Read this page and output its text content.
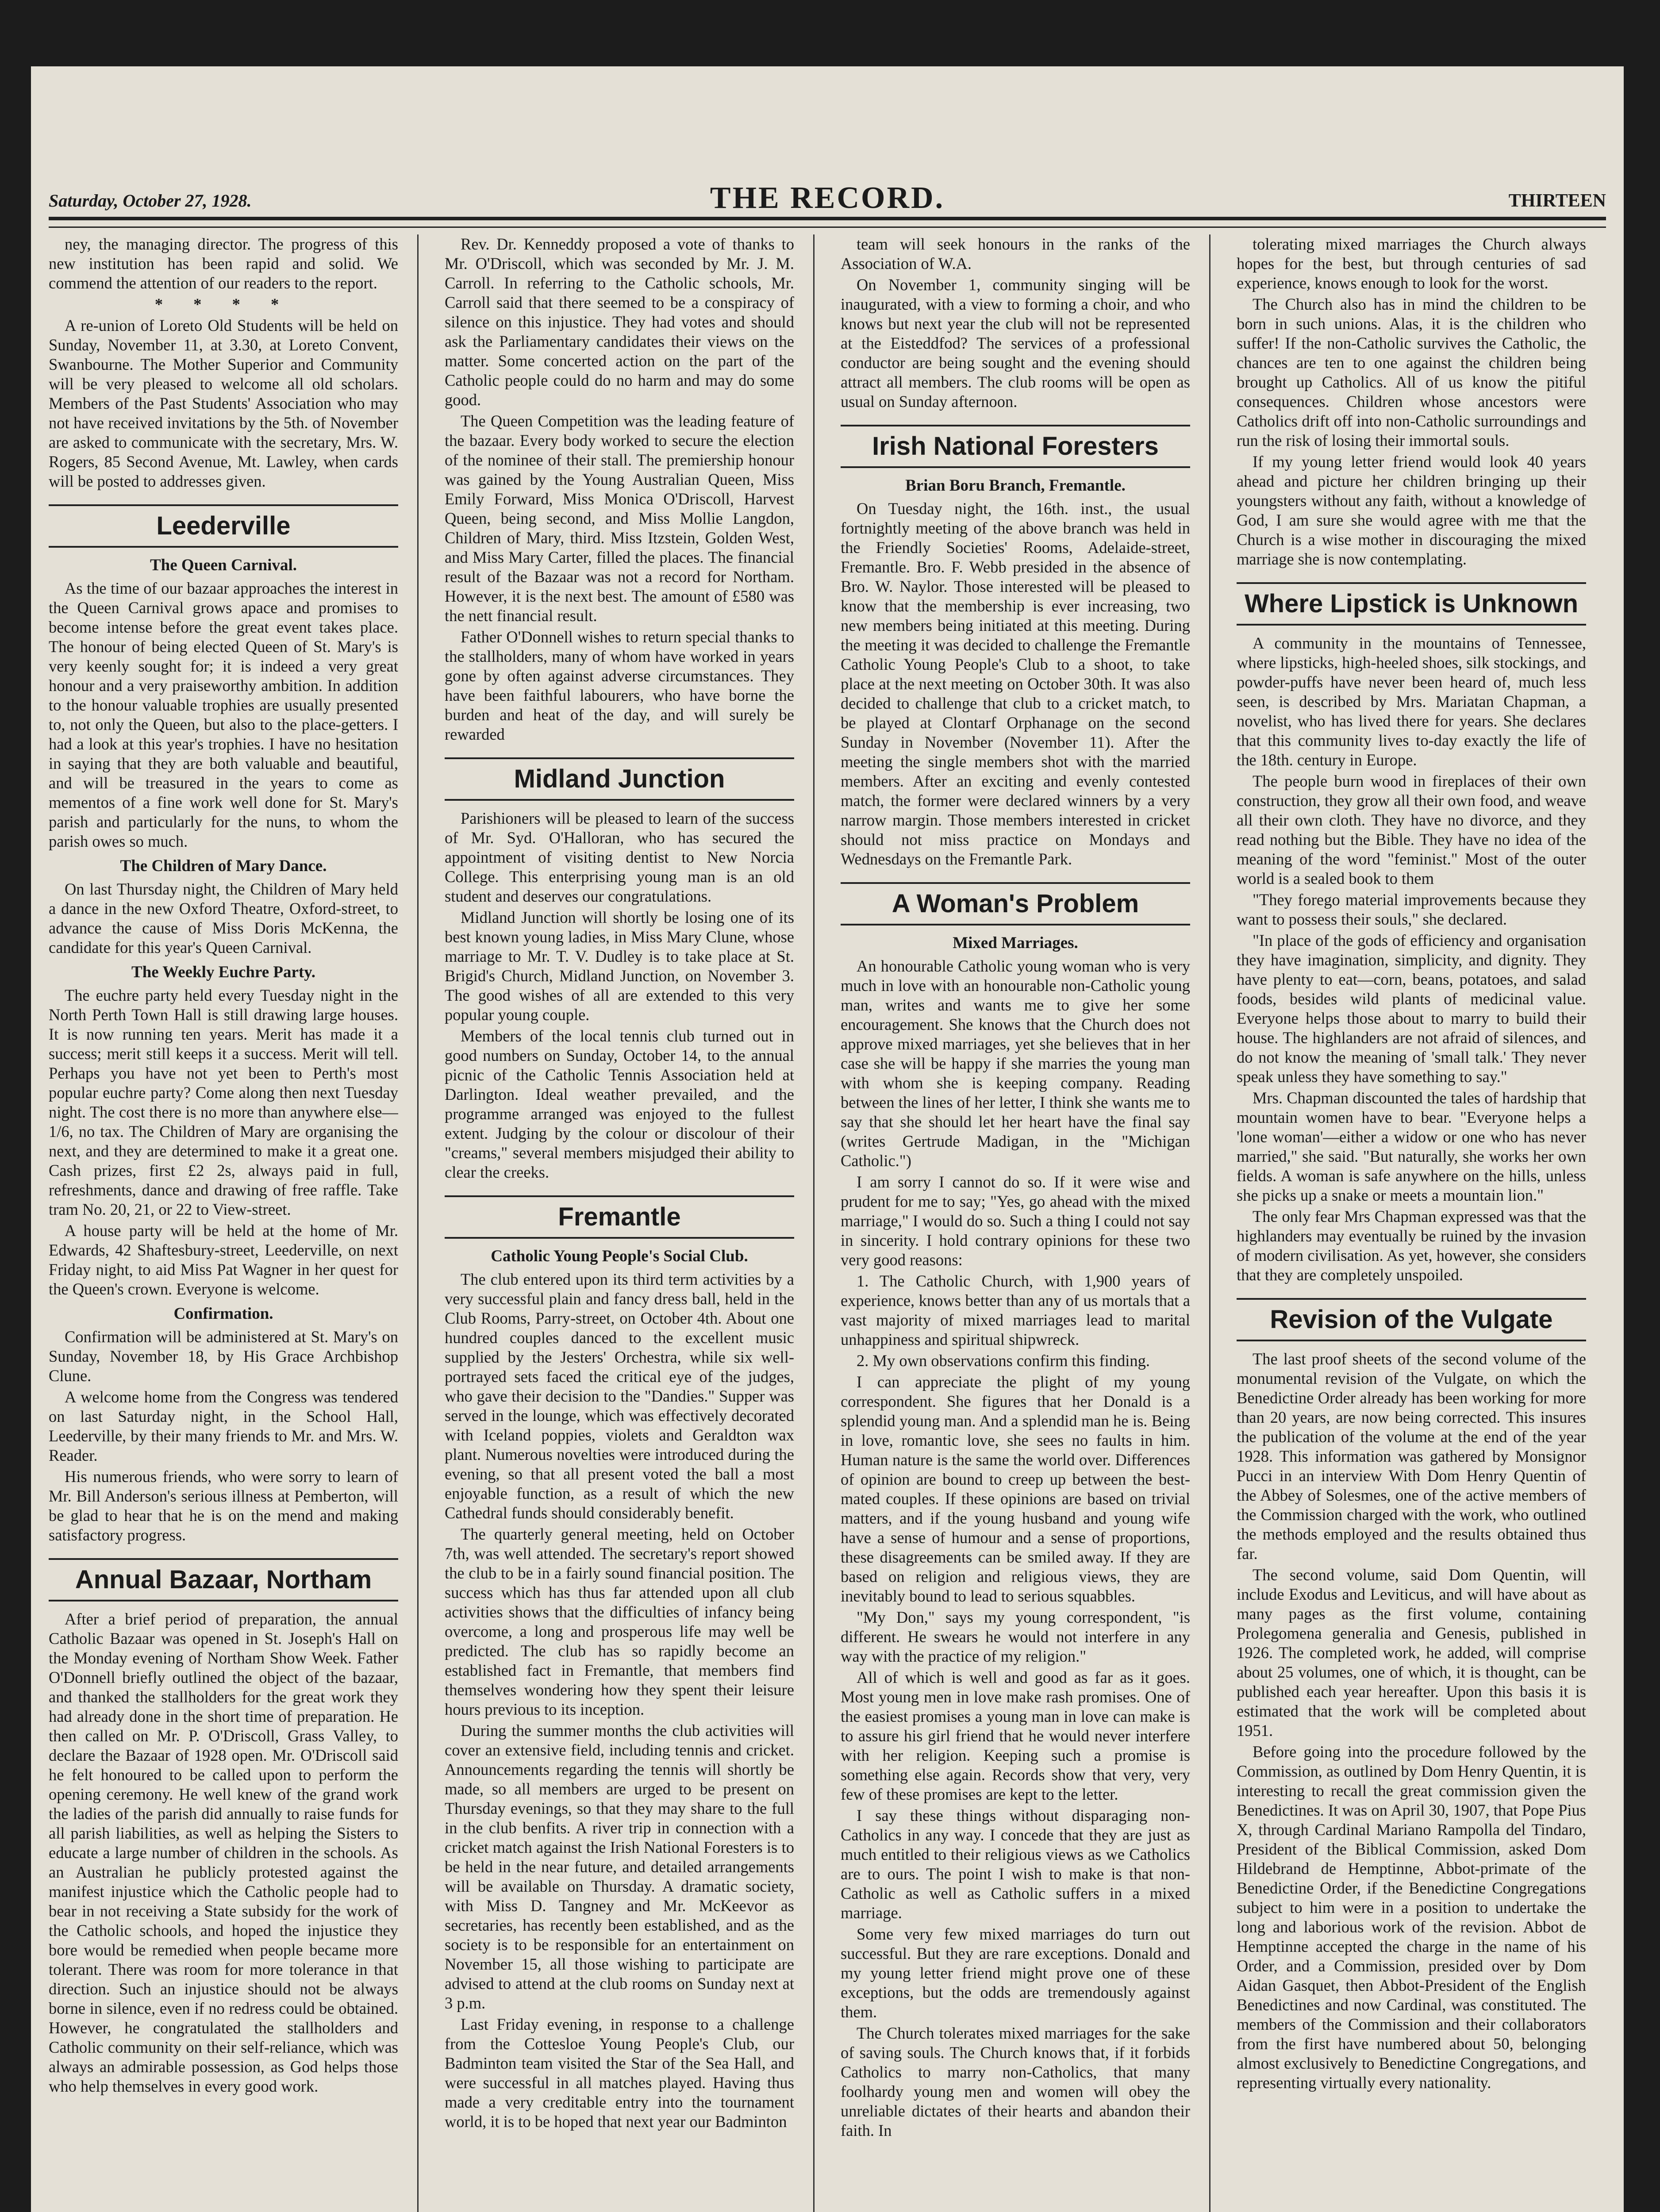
Saturday, October 27, 1928.	THE RECORD.	THIRTEEN

ney, the managing director. The progress of this new institution has been rapid and solid. We commend the attention of our readers to the report.

* * * *

A re-union of Loreto Old Students will be held on Sunday, November 11, at 3.30, at Loreto Convent, Swanbourne. The Mother Superior and Community will be very pleased to welcome all old scholars. Members of the Past Students' Association who may not have received invitations by the 5th. of November are asked to communicate with the secretary, Mrs. W. Rogers, 85 Second Avenue, Mt. Lawley, when cards will be posted to addresses given.

Leederville
The Queen Carnival.

As the time of our bazaar approaches the interest in the Queen Carnival grows apace and promises to become intense before the great event takes place. The honour of being elected Queen of St. Mary's is very keenly sought for; it is indeed a very great honour and a very praiseworthy ambition. In addition to the honour valuable trophies are usually presented to, not only the Queen, but also to the place-getters. I had a look at this year's trophies. I have no hesitation in saying that they are both valuable and beautiful, and will be treasured in the years to come as mementos of a fine work well done for St. Mary's parish and particularly for the nuns, to whom the parish owes so much.

The Children of Mary Dance.

On last Thursday night, the Children of Mary held a dance in the new Oxford Theatre, Oxford-street, to advance the cause of Miss Doris McKenna, the candidate for this year's Queen Carnival.

The Weekly Euchre Party.

The euchre party held every Tuesday night in the North Perth Town Hall is still drawing large houses. It is now running ten years. Merit has made it a success; merit still keeps it a success. Merit will tell. Perhaps you have not yet been to Perth's most popular euchre party? Come along then next Tuesday night. The cost there is no more than anywhere else—1/6, no tax. The Children of Mary are organising the next, and they are determined to make it a great one. Cash prizes, first £2 2s, always paid in full, refreshments, dance and drawing of free raffle. Take tram No. 20, 21, or 22 to View-street.

A house party will be held at the home of Mr. Edwards, 42 Shaftesbury-street, Leederville, on next Friday night, to aid Miss Pat Wagner in her quest for the Queen's crown. Everyone is welcome.

Confirmation.

Confirmation will be administered at St. Mary's on Sunday, November 18, by His Grace Archbishop Clune.

A welcome home from the Congress was tendered on last Saturday night, in the School Hall, Leederville, by their many friends to Mr. and Mrs. W. Reader.

His numerous friends, who were sorry to learn of Mr. Bill Anderson's serious illness at Pemberton, will be glad to hear that he is on the mend and making satisfactory progress.

Annual Bazaar, Northam

After a brief period of preparation, the annual Catholic Bazaar was opened in St. Joseph's Hall on the Monday evening of Northam Show Week. Father O'Donnell briefly outlined the object of the bazaar, and thanked the stallholders for the great work they had already done in the short time of preparation. He then called on Mr. P. O'Driscoll, Grass Valley, to declare the Bazaar of 1928 open. Mr. O'Driscoll said he felt honoured to be called upon to perform the opening ceremony. He well knew of the grand work the ladies of the parish did annually to raise funds for all parish liabilities, as well as helping the Sisters to educate a large number of children in the schools. As an Australian he publicly protested against the manifest injustice which the Catholic people had to bear in not receiving a State subsidy for the work of the Catholic schools, and hoped the injustice they bore would be remedied when people became more tolerant. There was room for more tolerance in that direction. Such an injustice should not be always borne in silence, even if no redress could be obtained. However, he congratulated the stallholders and Catholic community on their self-reliance, which was always an admirable possession, as God helps those who help themselves in every good work.

Rev. Dr. Kenneddy proposed a vote of thanks to Mr. O'Driscoll, which was seconded by Mr. J. M. Carroll. In referring to the Catholic schools, Mr. Carroll said that there seemed to be a conspiracy of silence on this injustice. They had votes and should ask the Parliamentary candidates their views on the matter. Some concerted action on the part of the Catholic people could do no harm and may do some good.

The Queen Competition was the leading feature of the bazaar. Every body worked to secure the election of the nominee of their stall. The premiership honour was gained by the Young Australian Queen, Miss Emily Forward, Miss Monica O'Driscoll, Harvest Queen, being second, and Miss Mollie Langdon, Children of Mary, third. Miss Itzstein, Golden West, and Miss Mary Carter, filled the places. The financial result of the Bazaar was not a record for Northam. However, it is the next best. The amount of £580 was the nett financial result.

Father O'Donnell wishes to return special thanks to the stallholders, many of whom have worked in years gone by often against adverse circumstances. They have been faithful labourers, who have borne the burden and heat of the day, and will surely be rewarded

Midland Junction

Parishioners will be pleased to learn of the success of Mr. Syd. O'Halloran, who has secured the appointment of visiting dentist to New Norcia College. This enterprising young man is an old student and deserves our congratulations.

Midland Junction will shortly be losing one of its best known young ladies, in Miss Mary Clune, whose marriage to Mr. T. V. Dudley is to take place at St. Brigid's Church, Midland Junction, on November 3. The good wishes of all are extended to this very popular young couple.

Members of the local tennis club turned out in good numbers on Sunday, October 14, to the annual picnic of the Catholic Tennis Association held at Darlington. Ideal weather prevailed, and the programme arranged was enjoyed to the fullest extent. Judging by the colour or discolour of their "creams," several members misjudged their ability to clear the creeks.

Fremantle
Catholic Young People's Social Club.

The club entered upon its third term activities by a very successful plain and fancy dress ball, held in the Club Rooms, Parry-street, on October 4th. About one hundred couples danced to the excellent music supplied by the Jesters' Orchestra, while six well-portrayed sets faced the critical eye of the judges, who gave their decision to the "Dandies." Supper was served in the lounge, which was effectively decorated with Iceland poppies, violets and Geraldton wax plant. Numerous novelties were introduced during the evening, so that all present voted the ball a most enjoyable function, as a result of which the new Cathedral funds should considerably benefit.

The quarterly general meeting, held on October 7th, was well attended. The secretary's report showed the club to be in a fairly sound financial position. The success which has thus far attended upon all club activities shows that the difficulties of infancy being overcome, a long and prosperous life may well be predicted. The club has so rapidly become an established fact in Fremantle, that members find themselves wondering how they spent their leisure hours previous to its inception.

During the summer months the club activities will cover an extensive field, including tennis and cricket. Announcements regarding the tennis will shortly be made, so all members are urged to be present on Thursday evenings, so that they may share to the full in the club benfits. A river trip in connection with a cricket match against the Irish National Foresters is to be held in the near future, and detailed arrangements will be available on Thursday. A dramatic society, with Miss D. Tangney and Mr. McKeevor as secretaries, has recently been established, and as the society is to be responsible for an entertainment on November 15, all those wishing to participate are advised to attend at the club rooms on Sunday next at 3 p.m.

Last Friday evening, in response to a challenge from the Cottesloe Young People's Club, our Badminton team visited the Star of the Sea Hall, and were successful in all matches played. Having thus made a very creditable entry into the tournament world, it is to be hoped that next year our Badminton

team will seek honours in the ranks of the Association of W.A.

On November 1, community singing will be inaugurated, with a view to forming a choir, and who knows but next year the club will not be represented at the Eisteddfod? The services of a professional conductor are being sought and the evening should attract all members. The club rooms will be open as usual on Sunday afternoon.

Irish National Foresters
Brian Boru Branch, Fremantle.

On Tuesday night, the 16th. inst., the usual fortnightly meeting of the above branch was held in the Friendly Societies' Rooms, Adelaide-street, Fremantle. Bro. F. Webb presided in the absence of Bro. W. Naylor. Those interested will be pleased to know that the membership is ever increasing, two new members being initiated at this meeting. During the meeting it was decided to challenge the Fremantle Catholic Young People's Club to a shoot, to take place at the next meeting on October 30th. It was also decided to challenge that club to a cricket match, to be played at Clontarf Orphanage on the second Sunday in November (November 11). After the meeting the single members shot with the married members. After an exciting and evenly contested match, the former were declared winners by a very narrow margin. Those members interested in cricket should not miss practice on Mondays and Wednesdays on the Fremantle Park.

A Woman's Problem
Mixed Marriages.

An honourable Catholic young woman who is very much in love with an honourable non-Catholic young man, writes and wants me to give her some encouragement. She knows that the Church does not approve mixed marriages, yet she believes that in her case she will be happy if she marries the young man with whom she is keeping company. Reading between the lines of her letter, I think she wants me to say that she should let her heart have the final say (writes Gertrude Madigan, in the "Michigan Catholic.")

I am sorry I cannot do so. If it were wise and prudent for me to say; "Yes, go ahead with the mixed marriage," I would do so. Such a thing I could not say in sincerity. I hold contrary opinions for these two very good reasons:

1. The Catholic Church, with 1,900 years of experience, knows better than any of us mortals that a vast majority of mixed marriages lead to marital unhappiness and spiritual shipwreck.

2. My own observations confirm this finding.

I can appreciate the plight of my young correspondent. She figures that her Donald is a splendid young man. And a splendid man he is. Being in love, romantic love, she sees no faults in him. Human nature is the same the world over. Differences of opinion are bound to creep up between the best-mated couples. If these opinions are based on trivial matters, and if the young husband and young wife have a sense of humour and a sense of proportions, these disagreements can be smiled away. If they are based on religion and religious views, they are inevitably bound to lead to serious squabbles.

"My Don," says my young correspondent, "is different. He swears he would not interfere in any way with the practice of my religion."

All of which is well and good as far as it goes. Most young men in love make rash promises. One of the easiest promises a young man in love can make is to assure his girl friend that he would never interfere with her religion. Keeping such a promise is something else again. Records show that very, very few of these promises are kept to the letter.

I say these things without disparaging non-Catholics in any way. I concede that they are just as much entitled to their religious views as we Catholics are to ours. The point I wish to make is that non-Catholic as well as Catholic suffers in a mixed marriage.

Some very few mixed marriages do turn out successful. But they are rare exceptions. Donald and my young letter friend might prove one of these exceptions, but the odds are tremendously against them.

The Church tolerates mixed marriages for the sake of saving souls. The Church knows that, if it forbids Catholics to marry non-Catholics, that many foolhardy young men and women will obey the unreliable dictates of their hearts and abandon their faith. In

tolerating mixed marriages the Church always hopes for the best, but through centuries of sad experience, knows enough to look for the worst.

The Church also has in mind the children to be born in such unions. Alas, it is the children who suffer! If the non-Catholic survives the Catholic, the chances are ten to one against the children being brought up Catholics. All of us know the pitiful consequences. Children whose ancestors were Catholics drift off into non-Catholic surroundings and run the risk of losing their immortal souls.

If my young letter friend would look 40 years ahead and picture her children bringing up their youngsters without any faith, without a knowledge of God, I am sure she would agree with me that the Church is a wise mother in discouraging the mixed marriage she is now contemplating.

Where Lipstick is Unknown

A community in the mountains of Tennessee, where lipsticks, high-heeled shoes, silk stockings, and powder-puffs have never been heard of, much less seen, is described by Mrs. Mariatan Chapman, a novelist, who has lived there for years. She declares that this community lives to-day exactly the life of the 18th. century in Europe.

The people burn wood in fireplaces of their own construction, they grow all their own food, and weave all their own cloth. They have no divorce, and they read nothing but the Bible. They have no idea of the meaning of the word "feminist." Most of the outer world is a sealed book to them

"They forego material improvements because they want to possess their souls," she declared.

"In place of the gods of efficiency and organisation they have imagination, simplicity, and dignity. They have plenty to eat—corn, beans, potatoes, and salad foods, besides wild plants of medicinal value. Everyone helps those about to marry to build their house. The highlanders are not afraid of silences, and do not know the meaning of 'small talk.' They never speak unless they have something to say."

Mrs. Chapman discounted the tales of hardship that mountain women have to bear. "Everyone helps a 'lone woman'—either a widow or one who has never married," she said. "But naturally, she works her own fields. A woman is safe anywhere on the hills, unless she picks up a snake or meets a mountain lion."

The only fear Mrs Chapman expressed was that the highlanders may eventually be ruined by the invasion of modern civilisation. As yet, however, she considers that they are completely unspoiled.

Revision of the Vulgate

The last proof sheets of the second volume of the monumental revision of the Vulgate, on which the Benedictine Order already has been working for more than 20 years, are now being corrected. This insures the publication of the volume at the end of the year 1928. This information was gathered by Monsignor Pucci in an interview With Dom Henry Quentin of the Abbey of Solesmes, one of the active members of the Commission charged with the work, who outlined the methods employed and the results obtained thus far.

The second volume, said Dom Quentin, will include Exodus and Leviticus, and will have about as many pages as the first volume, containing Prolegomena generalia and Genesis, published in 1926. The completed work, he added, will comprise about 25 volumes, one of which, it is thought, can be published each year hereafter. Upon this basis it is estimated that the work will be completed about 1951.

Before going into the procedure followed by the Commission, as outlined by Dom Henry Quentin, it is interesting to recall the great commission given the Benedictines. It was on April 30, 1907, that Pope Pius X, through Cardinal Mariano Rampolla del Tindaro, President of the Biblical Commission, asked Dom Hildebrand de Hemptinne, Abbot-primate of the Benedictine Order, if the Benedictine Congregations subject to him were in a position to undertake the long and laborious work of the revision. Abbot de Hemptinne accepted the charge in the name of his Order, and a Commission, presided over by Dom Aidan Gasquet, then Abbot-President of the English Benedictines and now Cardinal, was constituted. The members of the Commission and their collaborators from the first have numbered about 50, belonging almost exclusively to Benedictine Congregations, and representing virtually every nationality.
